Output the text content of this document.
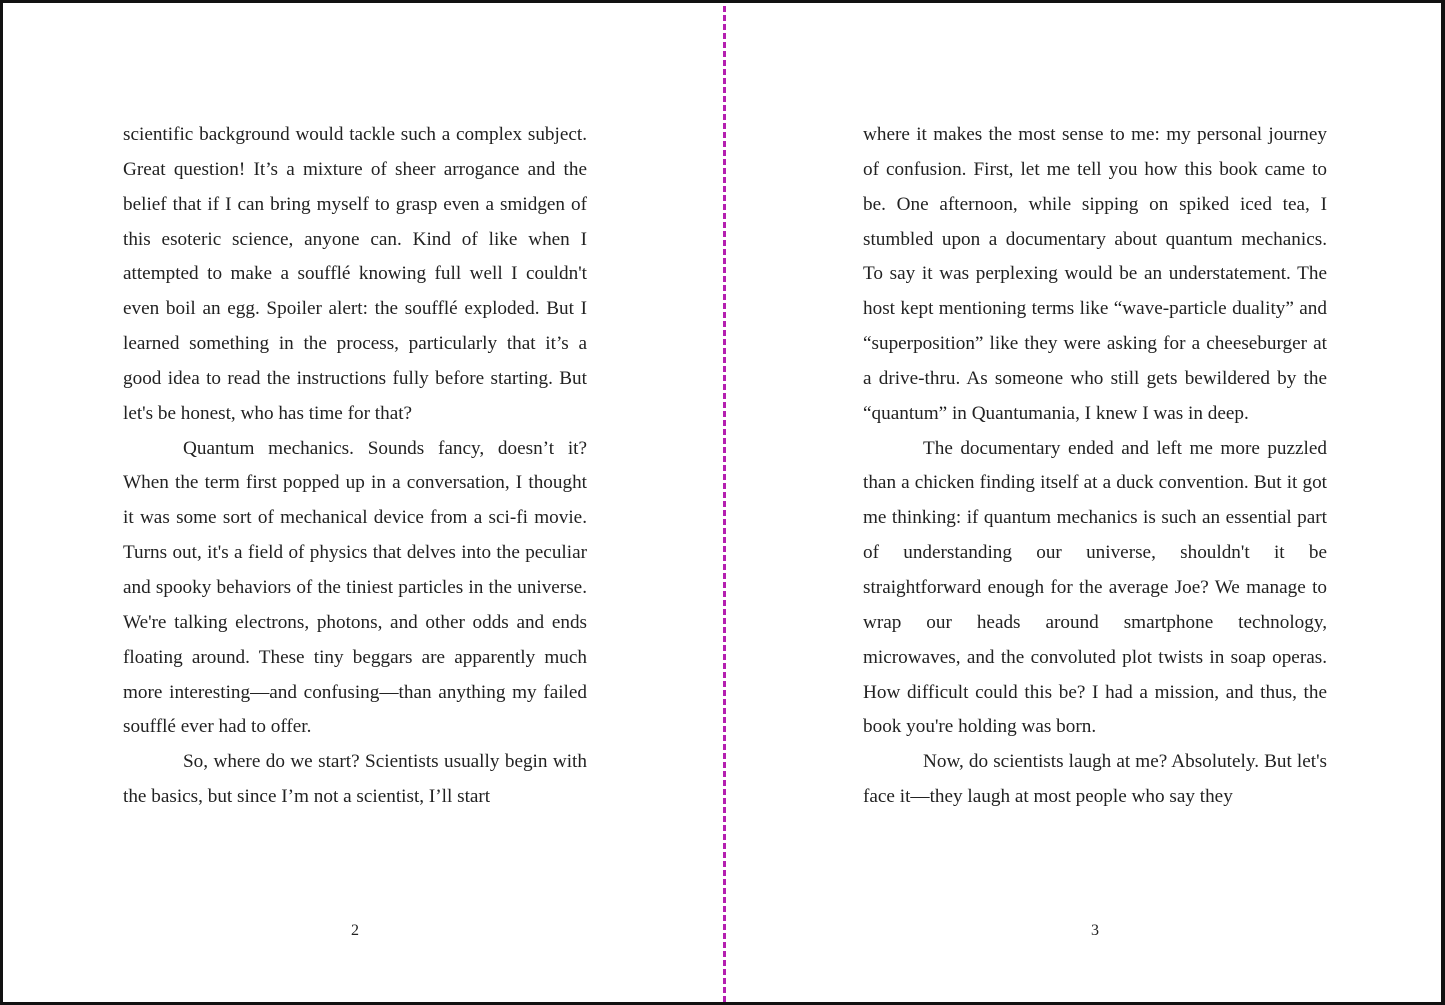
scientific background would tackle such a complex subject. Great question! It’s a mixture of sheer arrogance and the belief that if I can bring myself to grasp even a smidgen of this esoteric science, anyone can. Kind of like when I attempted to make a soufflé knowing full well I couldn't even boil an egg. Spoiler alert: the soufflé exploded. But I learned something in the process, particularly that it’s a good idea to read the instructions fully before starting. But let's be honest, who has time for that?

Quantum mechanics. Sounds fancy, doesn’t it? When the term first popped up in a conversation, I thought it was some sort of mechanical device from a sci-fi movie. Turns out, it's a field of physics that delves into the peculiar and spooky behaviors of the tiniest particles in the universe. We're talking electrons, photons, and other odds and ends floating around. These tiny beggars are apparently much more interesting—and confusing—than anything my failed soufflé ever had to offer.

So, where do we start? Scientists usually begin with the basics, but since I’m not a scientist, I’ll start

2

where it makes the most sense to me: my personal journey of confusion. First, let me tell you how this book came to be. One afternoon, while sipping on spiked iced tea, I stumbled upon a documentary about quantum mechanics. To say it was perplexing would be an understatement. The host kept mentioning terms like “wave-particle duality” and “superposition” like they were asking for a cheeseburger at a drive-thru. As someone who still gets bewildered by the “quantum” in Quantumania, I knew I was in deep.

The documentary ended and left me more puzzled than a chicken finding itself at a duck convention. But it got me thinking: if quantum mechanics is such an essential part of understanding our universe, shouldn't it be straightforward enough for the average Joe? We manage to wrap our heads around smartphone technology, microwaves, and the convoluted plot twists in soap operas. How difficult could this be? I had a mission, and thus, the book you're holding was born.

Now, do scientists laugh at me? Absolutely. But let's face it—they laugh at most people who say they

3
